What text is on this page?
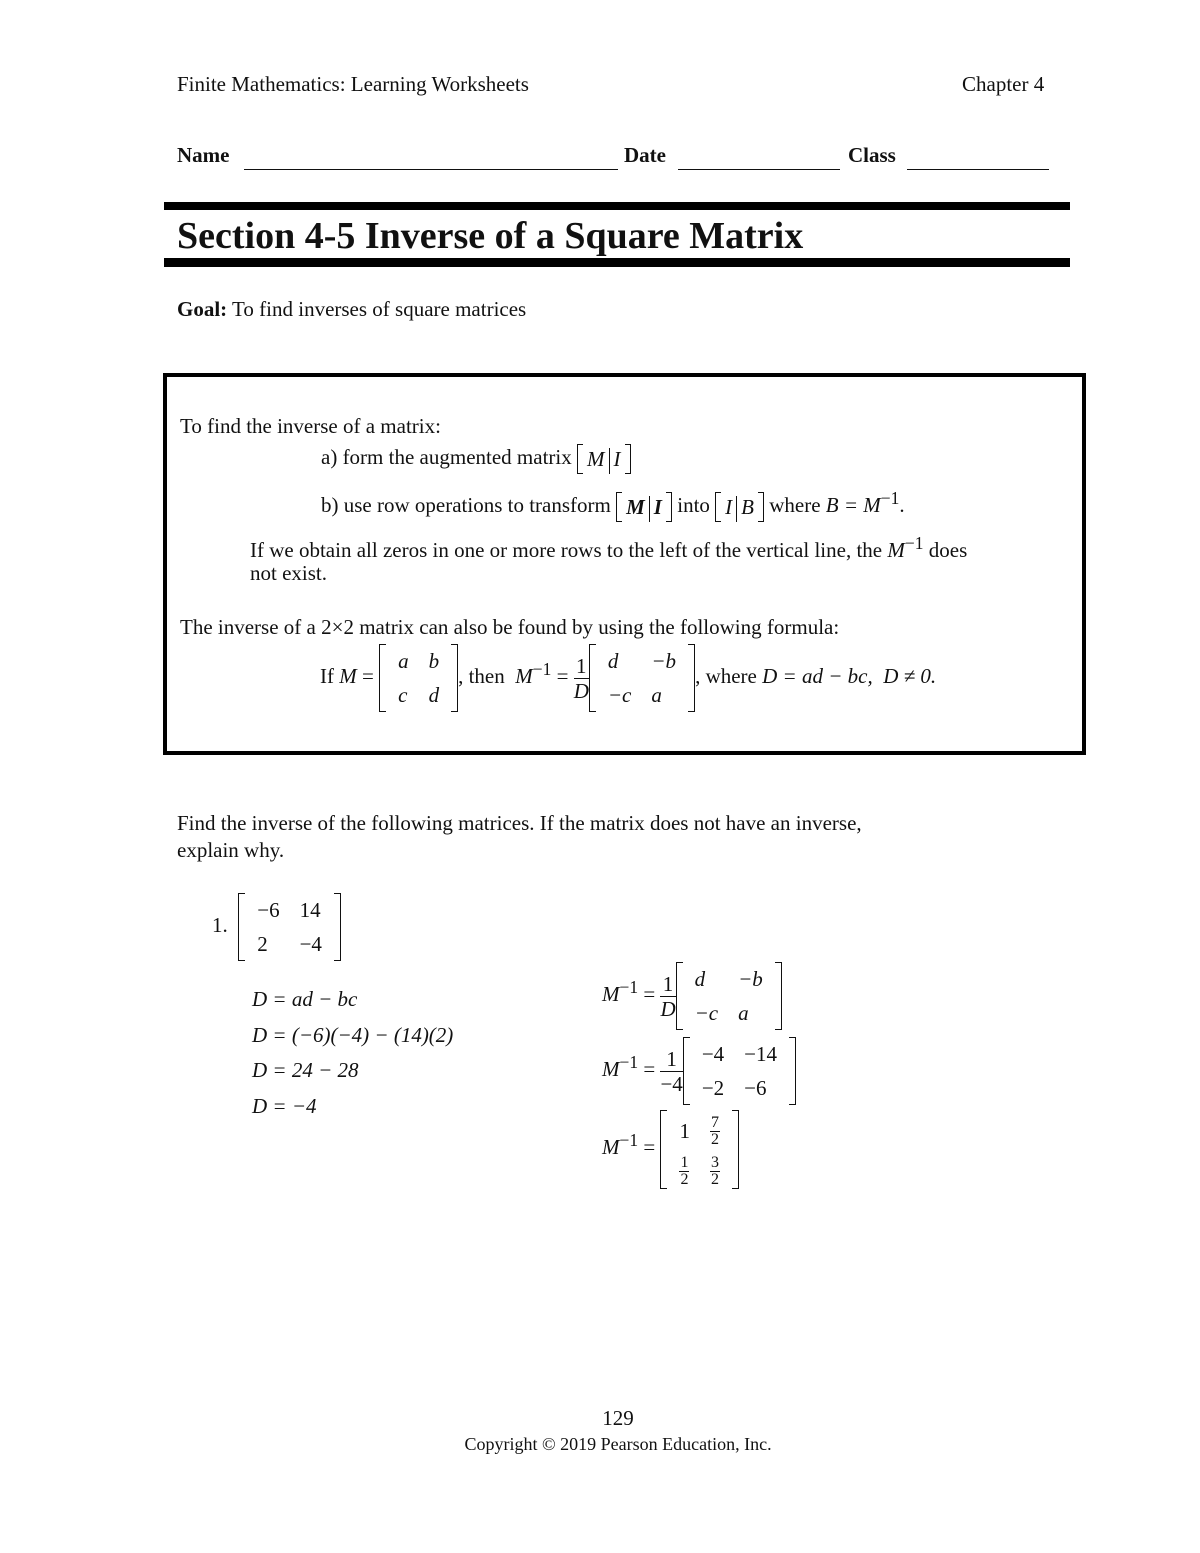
Finite Mathematics: Learning Worksheets	Chapter 4
Name	Date	Class
Section 4-5 Inverse of a Square Matrix
Goal: To find inverses of square matrices
To find the inverse of a matrix:
a) form the augmented matrix M I
b) use row operations to transform M I into I B where $B = M^{-1}$.
If we obtain all zeros in one or more rows to the left of the vertical line, the $M^{-1}$ does
not exist.
The inverse of a 2×2 matrix can also be found by using the following formula:
If M =
a	b
c	d
, then $M^{-1} = \frac{1}{D}$ d	−b
−c	a
, where D = ad − bc, D ≠ 0.
Find the inverse of the following matrices. If the matrix does not have an inverse,
explain why.
1.
−6	14
2	−4
D = ad − bc
D = (−6)(−4) − (14)(2)
D = 24 − 28
D = −4
$M^{-1} = \frac{1}{D}$ d	−b
−c	a
$M^{-1} = \frac{1}{-4} -4$	−14
−2	−6
$M^{-1}$ =
1	$\frac{7}{2}$

$\frac{1}{2}$	$\frac{3}{2}$
129
Copyright © 2019 Pearson Education, Inc.
